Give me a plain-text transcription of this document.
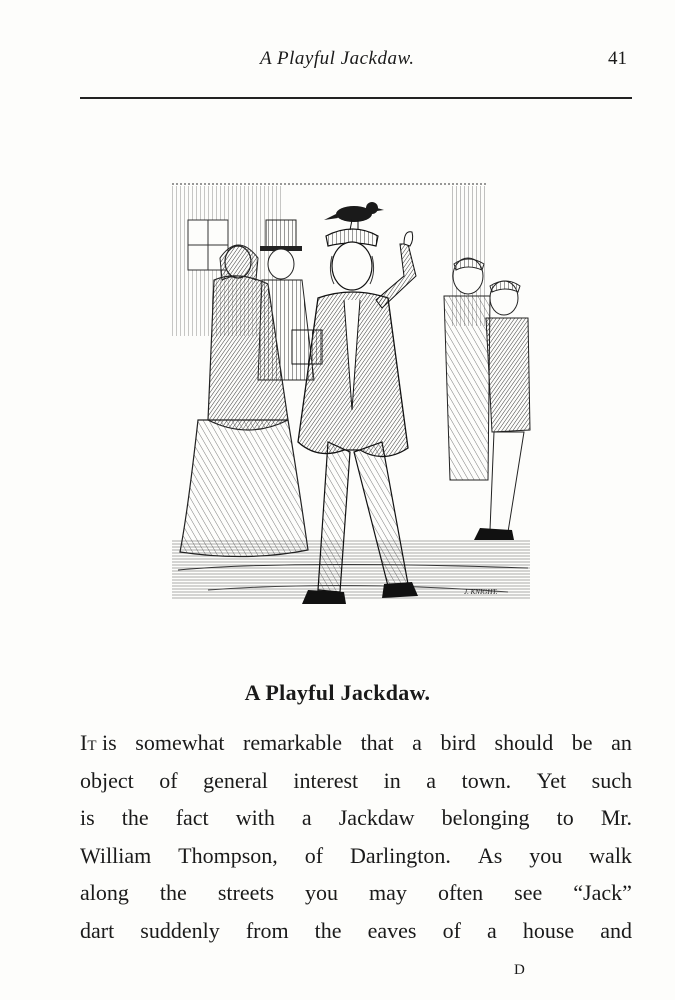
A Playful Jackdaw.	41
J. KNIGHT.
A Playful Jackdaw.
It
is somewhat remarkable that a bird should be an
object of general interest in a town. Yet such
is the fact with a Jackdaw belonging to Mr.
William Thompson, of Darlington. As you walk
along the streets you may often see “Jack”
dart suddenly from the eaves of a house and
D
